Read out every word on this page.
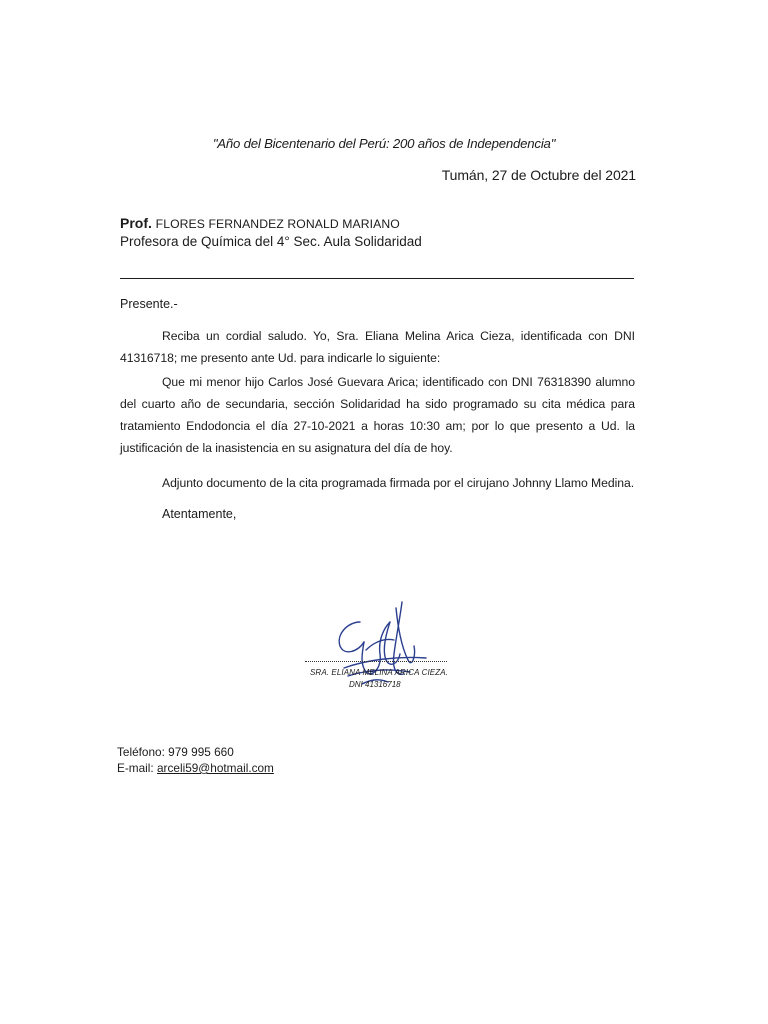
"Año del Bicentenario del Perú: 200 años de Independencia"
Tumán, 27 de Octubre del 2021
Prof. FLORES FERNANDEZ RONALD MARIANO
Profesora de Química del 4° Sec. Aula Solidaridad
Presente.-
Reciba un cordial saludo. Yo, Sra. Eliana Melina Arica Cieza, identificada con DNI 41316718; me presento ante Ud. para indicarle lo siguiente:
Que mi menor hijo Carlos José Guevara Arica; identificado con DNI 76318390 alumno del cuarto año de secundaria, sección Solidaridad ha sido programado su cita médica para tratamiento Endodoncia el día 27-10-2021 a horas 10:30 am; por lo que presento a Ud. la justificación de la inasistencia en su asignatura del día de hoy.
Adjunto documento de la cita programada firmada por el cirujano Johnny Llamo Medina.
Atentamente,
SRA. ELIANA MELINA ARICA CIEZA.
DNI 41316718
Teléfono: 979 995 660
E-mail: arceli59@hotmail.com
